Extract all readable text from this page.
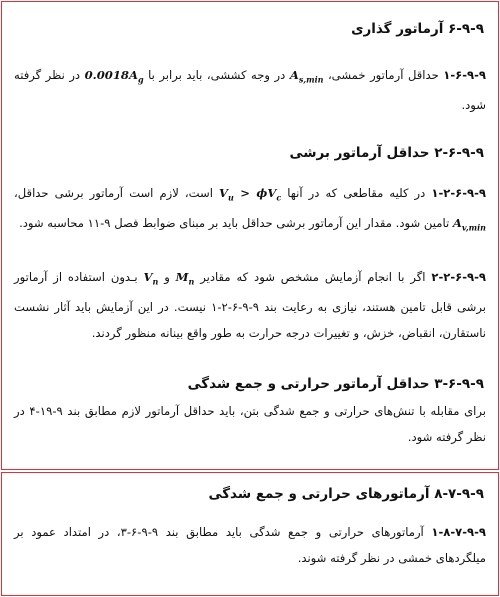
۶-۹-۹ آرماتور گذاری
۱-۶-۹-۹ حداقل آرماتور خمشی، $A_{s,min}$ در وجه کششی، باید برابر با $0.0018A_g$ در نظر گرفته شود.
۲-۶-۹-۹ حداقل آرماتور برشی
۱-۲-۶-۹-۹ در کلیه مقاطعی که در آنها $V_u > \phi V_c$ است، لازم است آرماتور برشی حداقل، $A_{v,min}$ تامین شود. مقدار این آرماتور برشی حداقل باید بر مبنای ضوابط فصل ۹-۱۱ محاسبه شود.
۲-۲-۶-۹-۹ اگر با انجام آزمایش مشخص شود که مقادیر $M_n$ و $V_n$ بـدون استفاده از آرماتور برشی قابل تامین هستند، نیازی به رعایت بند ۹-۹-۶-۲-۱ نیست. در این آزمایش باید آثار نشست ناستقارن، انقباض، خزش، و تغییرات درجه حرارت به طور واقع بینانه منظور گردند.
۳-۶-۹-۹ حداقل آرماتور حرارتی و جمع شدگی
برای مقابله با تنش‌های حرارتی و جمع شدگی بتن، باید حداقل آرماتور لازم مطابق بند ۹-۱۹-۴ در نظر گرفته شود.
۸-۷-۹-۹ آرماتورهای حرارتی و جمع شدگی
۱-۸-۷-۹-۹ آرماتورهای حرارتی و جمع شدگی باید مطابق بند ۹-۹-۶-۳، در امتداد عمود بر میلگردهای خمشی در نظر گرفته شوند.
